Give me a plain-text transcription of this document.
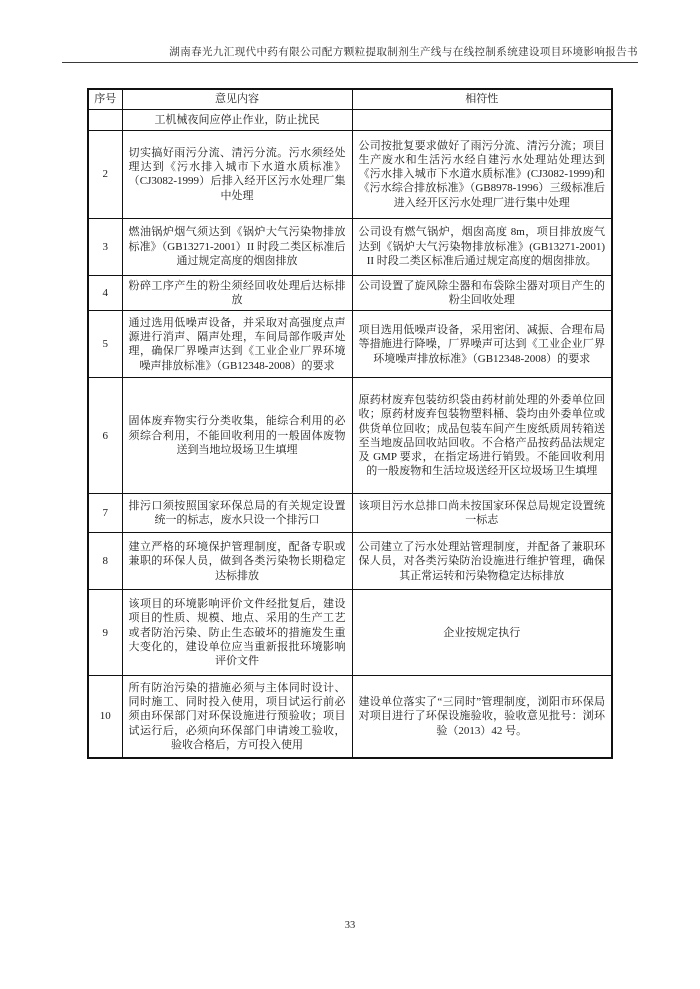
湖南春光九汇现代中药有限公司配方颗粒提取制剂生产线与在线控制系统建设项目环境影响报告书
序号	意见内容	相符性
	工机械夜间应停止作业，防止扰民	
2	切实搞好雨污分流、清污分流。污水须经处理达到《污水排入城市下水道水质标准》（CJ3082-1999）后排入经开区污水处理厂集中处理	公司按批复要求做好了雨污分流、清污分流；项目生产废水和生活污水经自建污水处理站处理达到《污水排入城市下水道水质标准》(CJ3082-1999)和《污水综合排放标准》（GB8978-1996）三级标准后进入经开区污水处理厂进行集中处理
3	燃油锅炉烟气须达到《锅炉大气污染物排放标准》（GB13271-2001）II 时段二类区标准后通过规定高度的烟囱排放	公司设有燃气锅炉，烟囱高度 8m，项目排放废气达到《锅炉大气污染物排放标准》(GB13271-2001) II 时段二类区标准后通过规定高度的烟囱排放。
4	粉碎工序产生的粉尘须经回收处理后达标排放	公司设置了旋风除尘器和布袋除尘器对项目产生的粉尘回收处理
5	通过选用低噪声设备，并采取对高强度点声源进行消声、隔声处理，车间局部作吸声处理，确保厂界噪声达到《工业企业厂界环境噪声排放标准》（GB12348-2008）的要求	项目选用低噪声设备，采用密闭、减振、合理布局等措施进行降噪，厂界噪声可达到《工业企业厂界环境噪声排放标准》（GB12348-2008）的要求
6	固体废弃物实行分类收集，能综合利用的必须综合利用，不能回收利用的一般固体废物送到当地垃圾场卫生填埋	原药材废弃包装纺织袋由药材前处理的外委单位回收；原药材废弃包装物塑料桶、袋均由外委单位或供货单位回收；成品包装车间产生废纸质周转箱送至当地废品回收站回收。不合格产品按药品法规定及 GMP 要求，在指定场进行销毁。不能回收利用的一般废物和生活垃圾送经开区垃圾场卫生填埋
7	排污口须按照国家环保总局的有关规定设置统一的标志，废水只设一个排污口	该项目污水总排口尚未按国家环保总局规定设置统一标志
8	建立严格的环境保护管理制度，配备专职或兼职的环保人员，做到各类污染物长期稳定达标排放	公司建立了污水处理站管理制度，并配备了兼职环保人员，对各类污染防治设施进行维护管理，确保其正常运转和污染物稳定达标排放
9	该项目的环境影响评价文件经批复后，建设项目的性质、规模、地点、采用的生产工艺或者防治污染、防止生态破坏的措施发生重大变化的，建设单位应当重新报批环境影响评价文件	企业按规定执行
10	所有防治污染的措施必须与主体同时设计、同时施工、同时投入使用，项目试运行前必须由环保部门对环保设施进行预验收；项目试运行后，必须向环保部门申请竣工验收，验收合格后，方可投入使用	建设单位落实了“三同时”管理制度，浏阳市环保局对项目进行了环保设施验收，验收意见批号：浏环验（2013）42 号。
33
